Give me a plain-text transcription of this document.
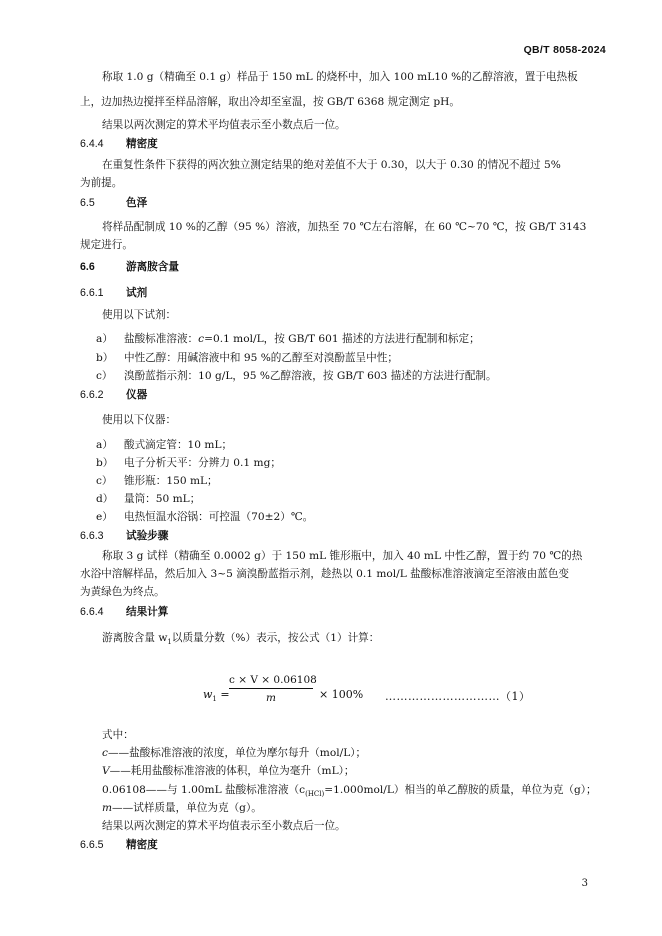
QB/T 8058-2024
称取 1.0 g（精确至 0.1 g）样品于 150 mL 的烧杯中，加入 100 mL10 %的乙醇溶液，置于电热板
上，边加热边搅拌至样品溶解，取出冷却至室温，按 GB/T 6368 规定测定 pH。
结果以两次测定的算术平均值表示至小数点后一位。
6.4.4 精密度
在重复性条件下获得的两次独立测定结果的绝对差值不大于 0.30，以大于 0.30 的情况不超过 5%
为前提。
6.5	色泽
将样品配制成 10 %的乙醇（95 %）溶液，加热至 70 ℃左右溶解，在 60 ℃~70 ℃，按 GB/T 3143
规定进行。
6.6	游离胺含量
6.6.1 试剂
使用以下试剂：
a） 盐酸标准溶液：c=0.1 mol/L，按 GB/T 601 描述的方法进行配制和标定；
b） 中性乙醇：用碱溶液中和 95 %的乙醇至对溴酚蓝呈中性；
c） 溴酚蓝指示剂：10 g/L，95 %乙醇溶液，按 GB/T 603 描述的方法进行配制。
6.6.2 仪器
使用以下仪器：
a） 酸式滴定管：10 mL；
b） 电子分析天平：分辨力 0.1 mg；
c） 锥形瓶：150 mL；
d） 量筒：50 mL；
e） 电热恒温水浴锅：可控温（70±2）℃。
6.6.3 试验步骤
称取 3 g 试样（精确至 0.0002 g）于 150 mL 锥形瓶中，加入 40 mL 中性乙醇，置于约 70 ℃的热
水浴中溶解样品，然后加入 3~5 滴溴酚蓝指示剂，趁热以 0.1 mol/L 盐酸标准溶液滴定至溶液由蓝色变
为黄绿色为终点。
6.6.4 结果计算
游离胺含量 $w_1$以质量分数（%）表示，按公式（1）计算：
$w_1$ =
c × V × 0.06108
m	× 100% …………………………（1）
式中：
c——盐酸标准溶液的浓度，单位为摩尔每升（mol/L）；
V——耗用盐酸标准溶液的体积，单位为毫升（mL）；
0.06108——与 1.00mL 盐酸标准溶液$(c_{(HCl)}=1.000mol/L)$相当的单乙醇胺的质量，单位为克（g）；
m——试样质量，单位为克（g）。
结果以两次测定的算术平均值表示至小数点后一位。
6.6.5 精密度
3
